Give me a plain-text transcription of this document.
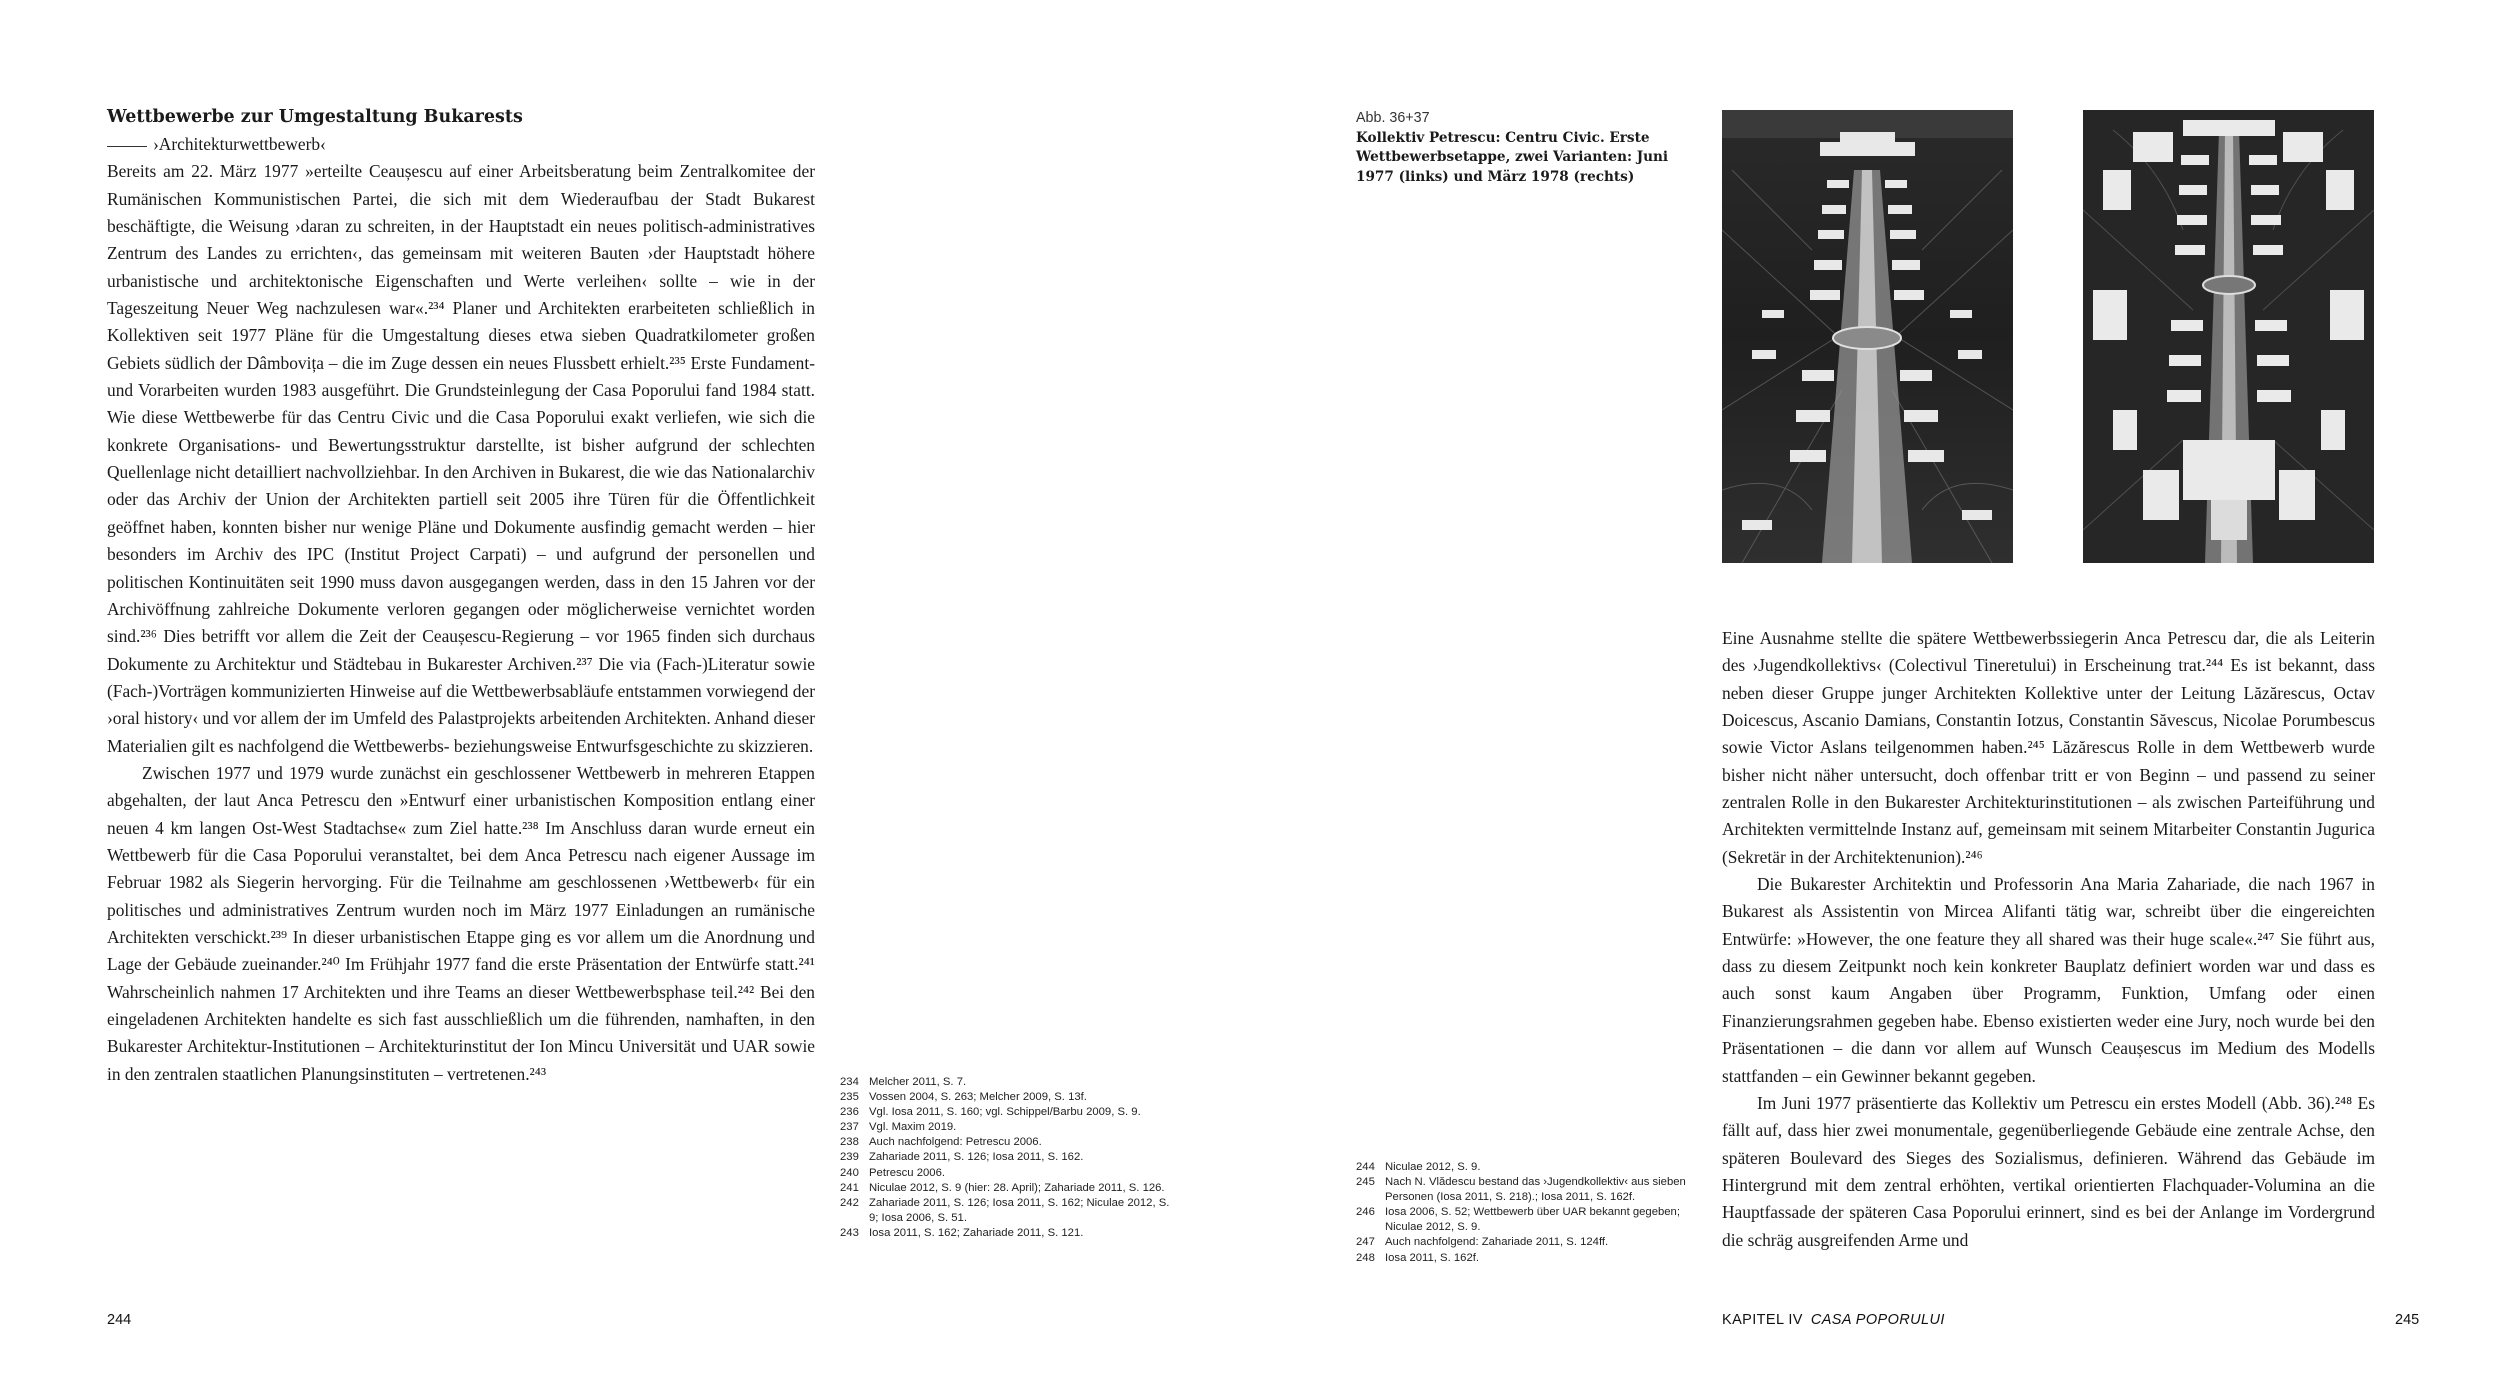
Wettbewerbe zur Umgestaltung Bukarests

›Architekturwettbewerb‹

Bereits am 22. März 1977 »erteilte Ceaușescu auf einer Arbeitsberatung beim Zentralkomitee der Rumänischen Kommunistischen Partei, die sich mit dem Wiederaufbau der Stadt Bukarest beschäftigte, die Weisung ›daran zu schreiten, in der Hauptstadt ein neues politisch-administratives Zentrum des Landes zu errichten‹, das gemeinsam mit weiteren Bauten ›der Hauptstadt höhere urbanistische und architektonische Eigenschaften und Werte verleihen‹ sollte – wie in der Tageszeitung Neuer Weg nachzulesen war«.²³⁴ Planer und Architekten erarbeiteten schließlich in Kollektiven seit 1977 Pläne für die Umgestaltung dieses etwa sieben Quadratkilometer großen Gebiets südlich der Dâmbovița – die im Zuge dessen ein neues Flussbett erhielt.²³⁵ Erste Fundament- und Vorarbeiten wurden 1983 ausgeführt. Die Grundsteinlegung der Casa Poporului fand 1984 statt. Wie diese Wettbewerbe für das Centru Civic und die Casa Poporului exakt verliefen, wie sich die konkrete Organisations- und Bewertungsstruktur darstellte, ist bisher aufgrund der schlechten Quellenlage nicht detailliert nachvollziehbar. In den Archiven in Bukarest, die wie das Nationalarchiv oder das Archiv der Union der Architekten partiell seit 2005 ihre Türen für die Öffentlichkeit geöffnet haben, konnten bisher nur wenige Pläne und Dokumente ausfindig gemacht werden – hier besonders im Archiv des IPC (Institut Project Carpati) – und aufgrund der personellen und politischen Kontinuitäten seit 1990 muss davon ausgegangen werden, dass in den 15 Jahren vor der Archivöffnung zahlreiche Dokumente verloren gegangen oder möglicherweise vernichtet worden sind.²³⁶ Dies betrifft vor allem die Zeit der Ceaușescu-Regierung – vor 1965 finden sich durchaus Dokumente zu Architektur und Städtebau in Bukarester Archiven.²³⁷ Die via (Fach-)Literatur sowie (Fach-)Vorträgen kommunizierten Hinweise auf die Wettbewerbsabläufe entstammen vorwiegend der ›oral history‹ und vor allem der im Umfeld des Palastprojekts arbeitenden Architekten. Anhand dieser Materialien gilt es nachfolgend die Wettbewerbs- beziehungsweise Entwurfsgeschichte zu skizzieren.

Zwischen 1977 und 1979 wurde zunächst ein geschlossener Wettbewerb in mehreren Etappen abgehalten, der laut Anca Petrescu den »Entwurf einer urbanistischen Komposition entlang einer neuen 4 km langen Ost-West Stadtachse« zum Ziel hatte.²³⁸ Im Anschluss daran wurde erneut ein Wettbewerb für die Casa Poporului veranstaltet, bei dem Anca Petrescu nach eigener Aussage im Februar 1982 als Siegerin hervorging. Für die Teilnahme am geschlossenen ›Wettbewerb‹ für ein politisches und administratives Zentrum wurden noch im März 1977 Einladungen an rumänische Architekten verschickt.²³⁹ In dieser urbanistischen Etappe ging es vor allem um die Anordnung und Lage der Gebäude zueinander.²⁴⁰ Im Frühjahr 1977 fand die erste Präsentation der Entwürfe statt.²⁴¹ Wahrscheinlich nahmen 17 Architekten und ihre Teams an dieser Wettbewerbsphase teil.²⁴² Bei den eingeladenen Architekten handelte es sich fast ausschließlich um die führenden, namhaften, in den Bukarester Architektur-Institutionen – Architekturinstitut der Ion Mincu Universität und UAR sowie in den zentralen staatlichen Planungsinstituten – vertretenen.²⁴³	234 Melcher 2011, S. 7.
235 Vossen 2004, S. 263; Melcher 2009, S. 13f.
236 Vgl. Iosa 2011, S. 160; vgl. Schippel/Barbu 2009, S. 9.
237 Vgl. Maxim 2019.
238 Auch nachfolgend: Petrescu 2006.
239 Zahariade 2011, S. 126; Iosa 2011, S. 162.
240 Petrescu 2006.
241 Niculae 2012, S. 9 (hier: 28. April); Zahariade 2011, S. 126.
242 Zahariade 2011, S. 126; Iosa 2011, S. 162; Niculae 2012, S. 9; Iosa 2006, S. 51.
243 Iosa 2011, S. 162; Zahariade 2011, S. 121.
244
Abb. 36+37
Kollektiv Petrescu: Centru Civic. Erste Wettbewerbsetappe, zwei Varianten: Juni 1977 (links) und März 1978 (rechts)
244 Niculae 2012, S. 9.
245 Nach N. Vlădescu bestand das ›Jugendkollektiv‹ aus sieben Personen (Iosa 2011, S. 218).; Iosa 2011, S. 162f.
246 Iosa 2006, S. 52; Wettbewerb über UAR bekannt gegeben; Niculae 2012, S. 9.
247 Auch nachfolgend: Zahariade 2011, S. 124ff.
248 Iosa 2011, S. 162f.

Eine Ausnahme stellte die spätere Wettbewerbssiegerin Anca Petrescu dar, die als Leiterin des ›Jugendkollektivs‹ (Colectivul Tineretului) in Erscheinung trat.²⁴⁴ Es ist bekannt, dass neben dieser Gruppe junger Architekten Kollektive unter der Leitung Lăzărescus, Octav Doicescus, Ascanio Damians, Constantin Iotzus, Constantin Săvescus, Nicolae Porumbescus sowie Victor Aslans teilgenommen haben.²⁴⁵ Lăzărescus Rolle in dem Wettbewerb wurde bisher nicht näher untersucht, doch offenbar tritt er von Beginn – und passend zu seiner zentralen Rolle in den Bukarester Architekturinstitutionen – als zwischen Parteiführung und Architekten vermittelnde Instanz auf, gemeinsam mit seinem Mitarbeiter Constantin Jugurica (Sekretär in der Architektenunion).²⁴⁶

Die Bukarester Architektin und Professorin Ana Maria Zahariade, die nach 1967 in Bukarest als Assistentin von Mircea Alifanti tätig war, schreibt über die eingereichten Entwürfe: »However, the one feature they all shared was their huge scale«.²⁴⁷ Sie führt aus, dass zu diesem Zeitpunkt noch kein konkreter Bauplatz definiert worden war und dass es auch sonst kaum Angaben über Programm, Funktion, Umfang oder einen Finanzierungsrahmen gegeben habe. Ebenso existierten weder eine Jury, noch wurde bei den Präsentationen – die dann vor allem auf Wunsch Ceaușescus im Medium des Modells stattfanden – ein Gewinner bekannt gegeben.

Im Juni 1977 präsentierte das Kollektiv um Petrescu ein erstes Modell (Abb. 36).²⁴⁸ Es fällt auf, dass hier zwei monumentale, gegenüberliegende Gebäude eine zentrale Achse, den späteren Boulevard des Sieges des Sozialismus, definieren. Während das Gebäude im Hintergrund mit dem zentral erhöhten, vertikal orientierten Flachquader-Volumina an die Hauptfassade der späteren Casa Poporului erinnert, sind es bei der Anlange im Vordergrund die schräg ausgreifenden Arme und

KAPITEL IV CASA POPORULUI	245
